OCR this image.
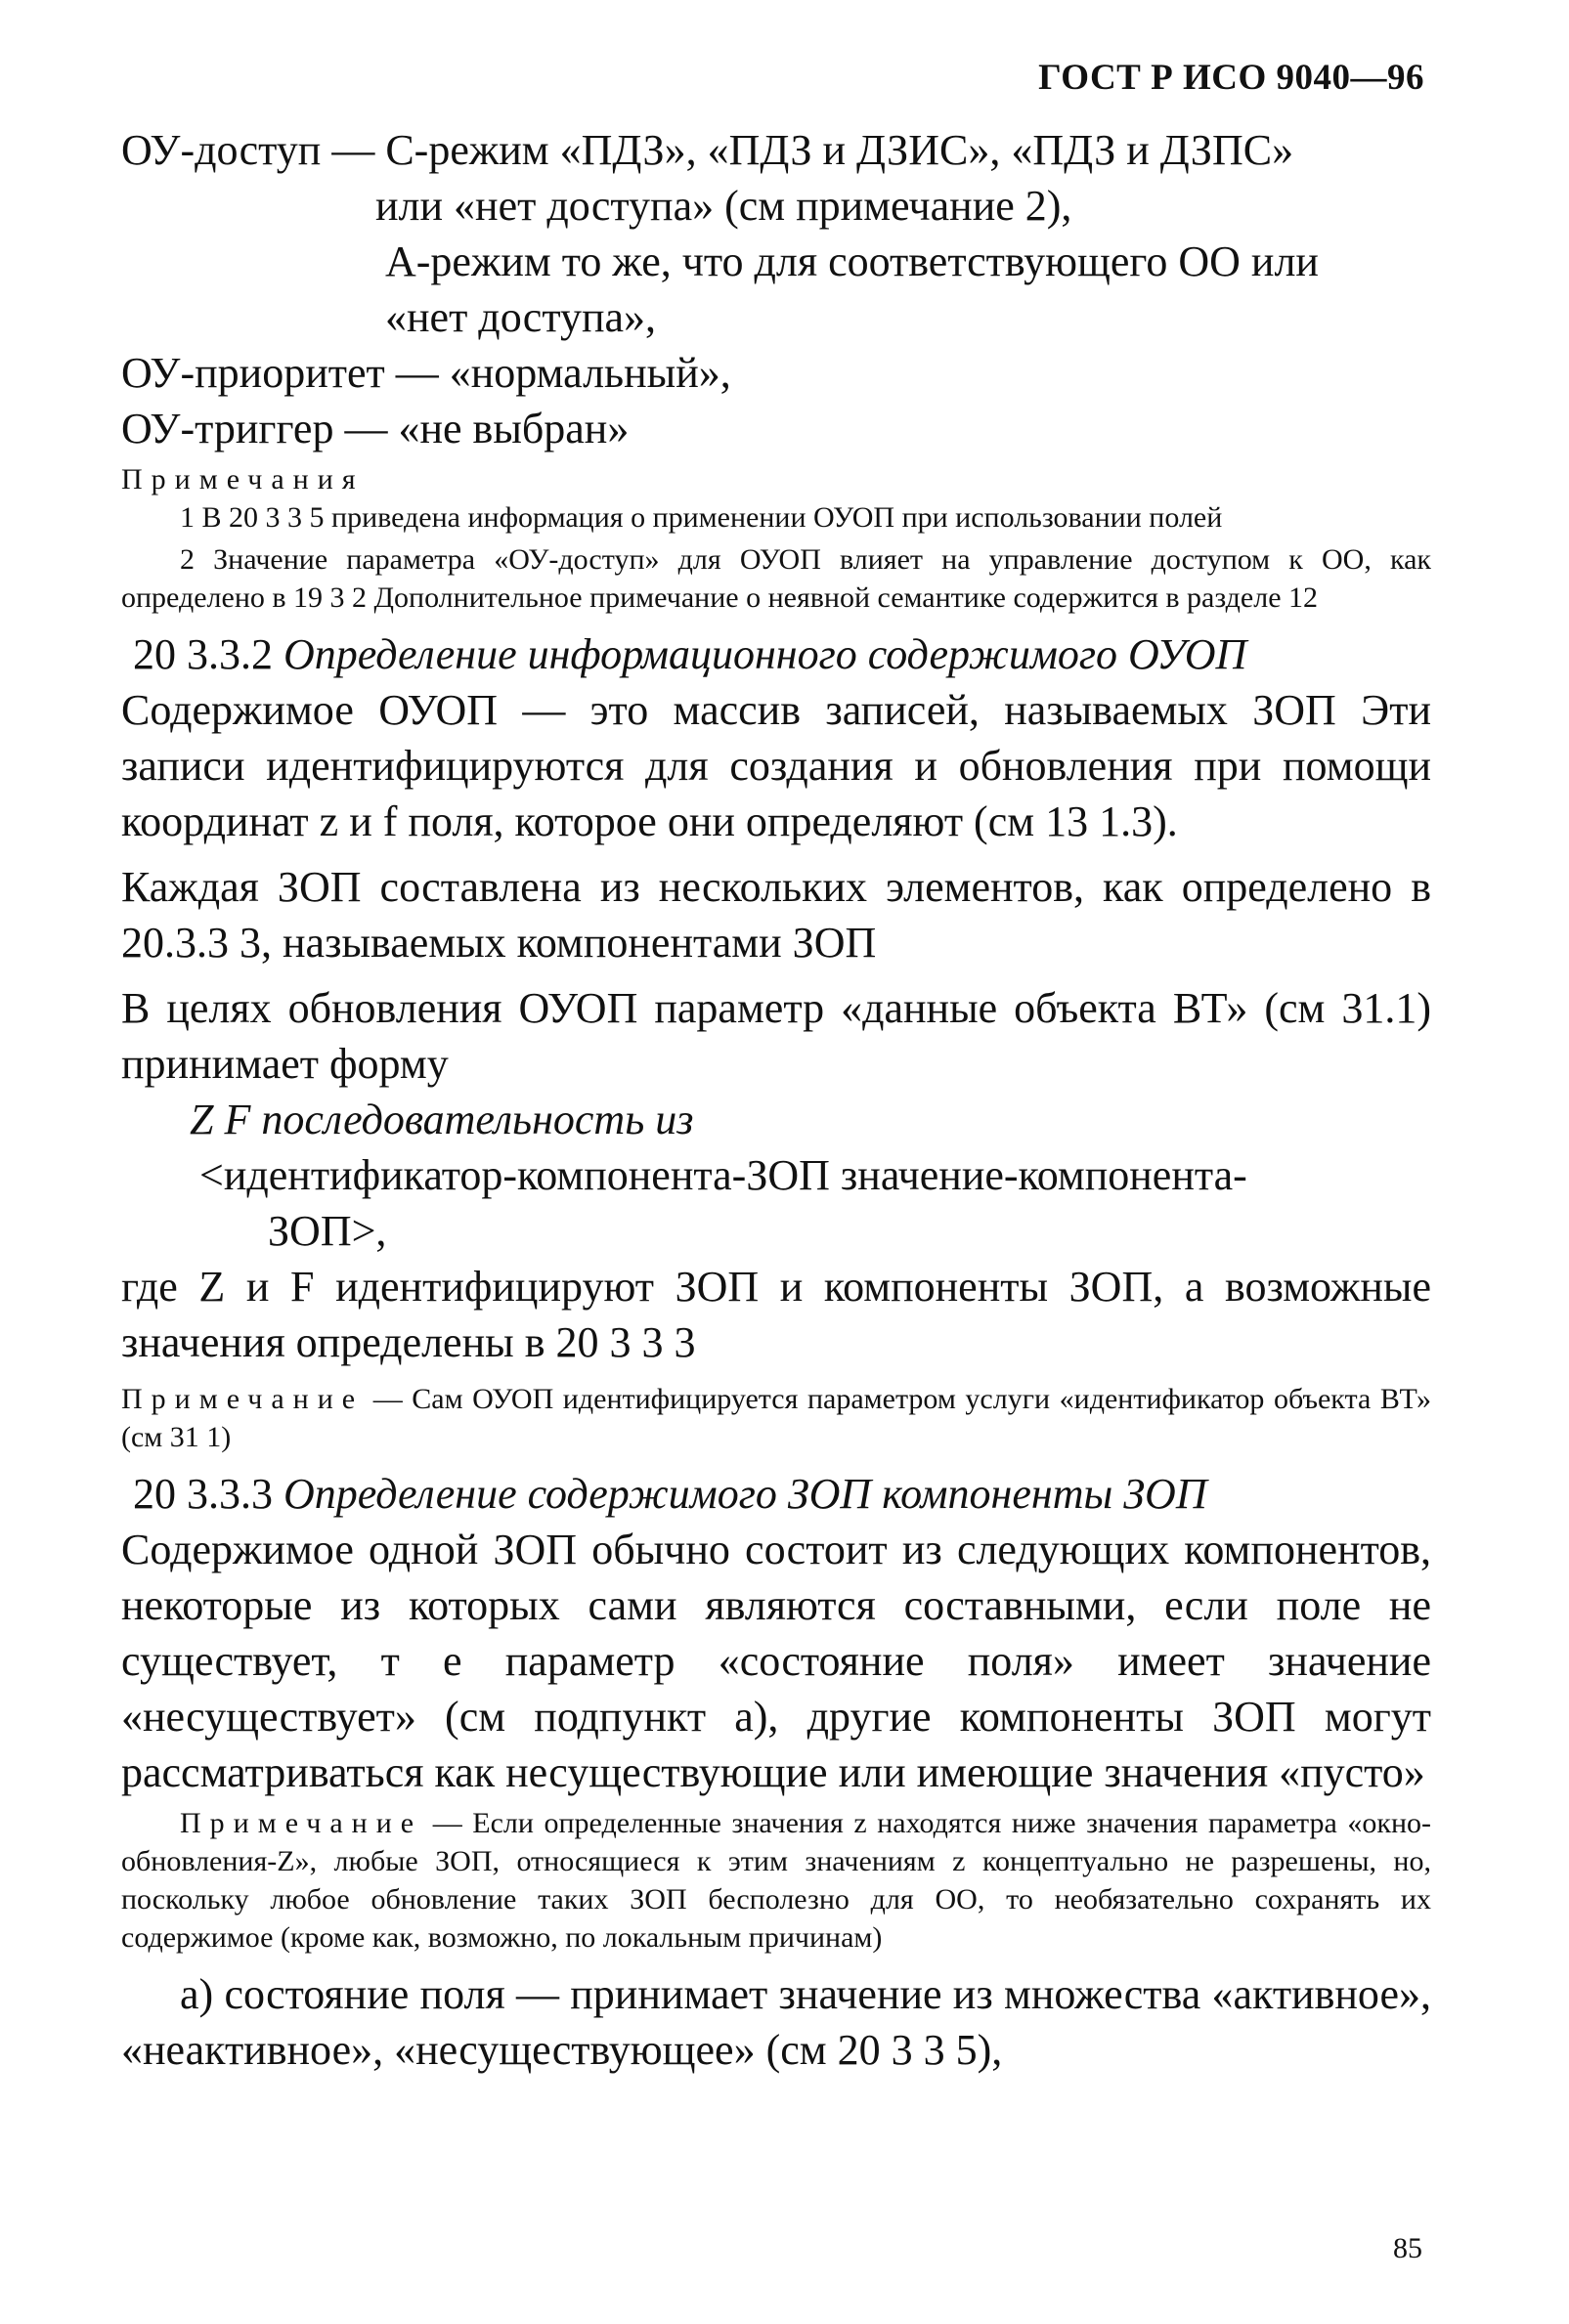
ГОСТ Р ИСО 9040—96

ОУ-доступ — С-режим «ПДЗ», «ПДЗ и ДЗИС», «ПДЗ и ДЗПС»

или «нет доступа» (см примечание 2),

А-режим то же, что для соответствующего ОО или

«нет доступа»,

ОУ-приоритет — «нормальный»,

ОУ-триггер — «не выбран»

Примечания

1 В 20 3 3 5 приведена информация о применении ОУОП при использовании полей

2 Значение параметра «ОУ-доступ» для ОУОП влияет на управление доступом к ОО, как определено в 19 3 2 Дополнительное примечание о неявной семантике содержится в разделе 12

20 3.3.2 Определение информационного содержимого ОУОП

Содержимое ОУОП — это массив записей, называемых ЗОП Эти записи идентифицируются для создания и обновления при помощи координат z и f поля, которое они определяют (см 13 1.3).

Каждая ЗОП составлена из нескольких элементов, как определено в 20.3.3 3, называемых компонентами ЗОП

В целях обновления ОУОП параметр «данные объекта ВТ» (см 31.1) принимает форму

Z F последовательность из

<идентификатор-компонента-ЗОП значение-компонента-

ЗОП>,

где Z и F идентифицируют ЗОП и компоненты ЗОП, а возможные значения определены в 20 3 3 3

Примечание — Сам ОУОП идентифицируется параметром услуги «идентификатор объекта ВТ» (см 31 1)

20 3.3.3 Определение содержимого ЗОП компоненты ЗОП

Содержимое одной ЗОП обычно состоит из следующих компонентов, некоторые из которых сами являются составными, если поле не существует, т е параметр «состояние поля» имеет значение «несуществует» (см подпункт а), другие компоненты ЗОП могут рассматриваться как несуществующие или имеющие значения «пусто»

Примечание — Если определенные значения z находятся ниже значения параметра «окно-обновления-Z», любые ЗОП, относящиеся к этим значениям z концептуально не разрешены, но, поскольку любое обновление таких ЗОП бесполезно для ОО, то необязательно сохранять их содержимое (кроме как, возможно, по локальным причинам)

а) состояние поля — принимает значение из множества «активное», «неактивное», «несуществующее» (см 20 3 3 5),

85
